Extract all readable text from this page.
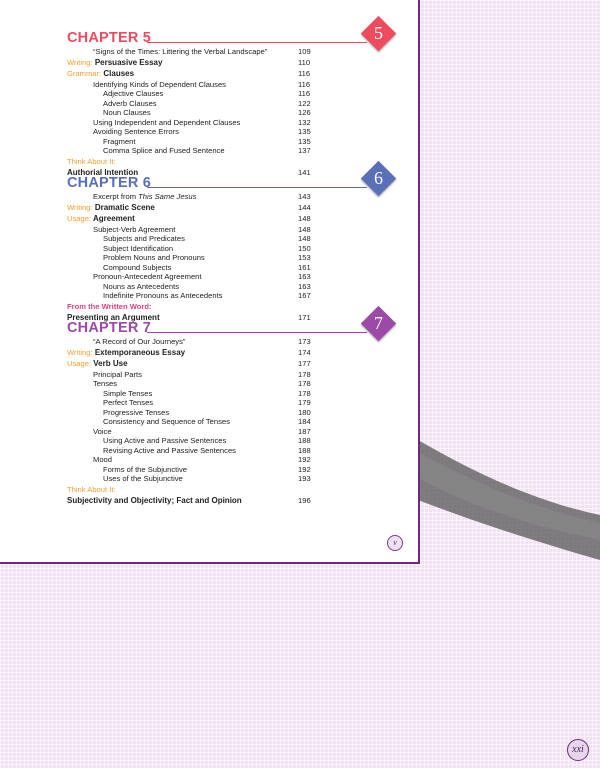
CHAPTER 5	5
“Signs of the Times: Littering the Verbal Landscape”	109
Writing: Persuasive Essay	110
Grammar: Clauses	116
Identifying Kinds of Dependent Clauses	116
Adjective Clauses	116
Adverb Clauses	122
Noun Clauses	126
Using Independent and Dependent Clauses	132
Avoiding Sentence Errors	135
Fragment	135
Comma Splice and Fused Sentence	137
Think About It:
Authorial Intention	141
CHAPTER 6	6
Excerpt from This Same Jesus	143
Writing: Dramatic Scene	144
Usage: Agreement	148
Subject-Verb Agreement	148
Subjects and Predicates	148
Subject Identification	150
Problem Nouns and Pronouns	153
Compound Subjects	161
Pronoun-Antecedent Agreement	163
Nouns as Antecedents	163
Indefinite Pronouns as Antecedents	167
From the Written Word:
Presenting an Argument	171
CHAPTER 7	7
“A Record of Our Journeys”	173
Writing: Extemporaneous Essay	174
Usage: Verb Use	177
Principal Parts	178
Tenses	178
Simple Tenses	178
Perfect Tenses	179
Progressive Tenses	180
Consistency and Sequence of Tenses	184
Voice	187
Using Active and Passive Sentences	188
Revising Active and Passive Sentences	188
Mood	192
Forms of the Subjunctive	192
Uses of the Subjunctive	193
Think About It:
Subjectivity and Objectivity; Fact and Opinion	196
v
xxi
